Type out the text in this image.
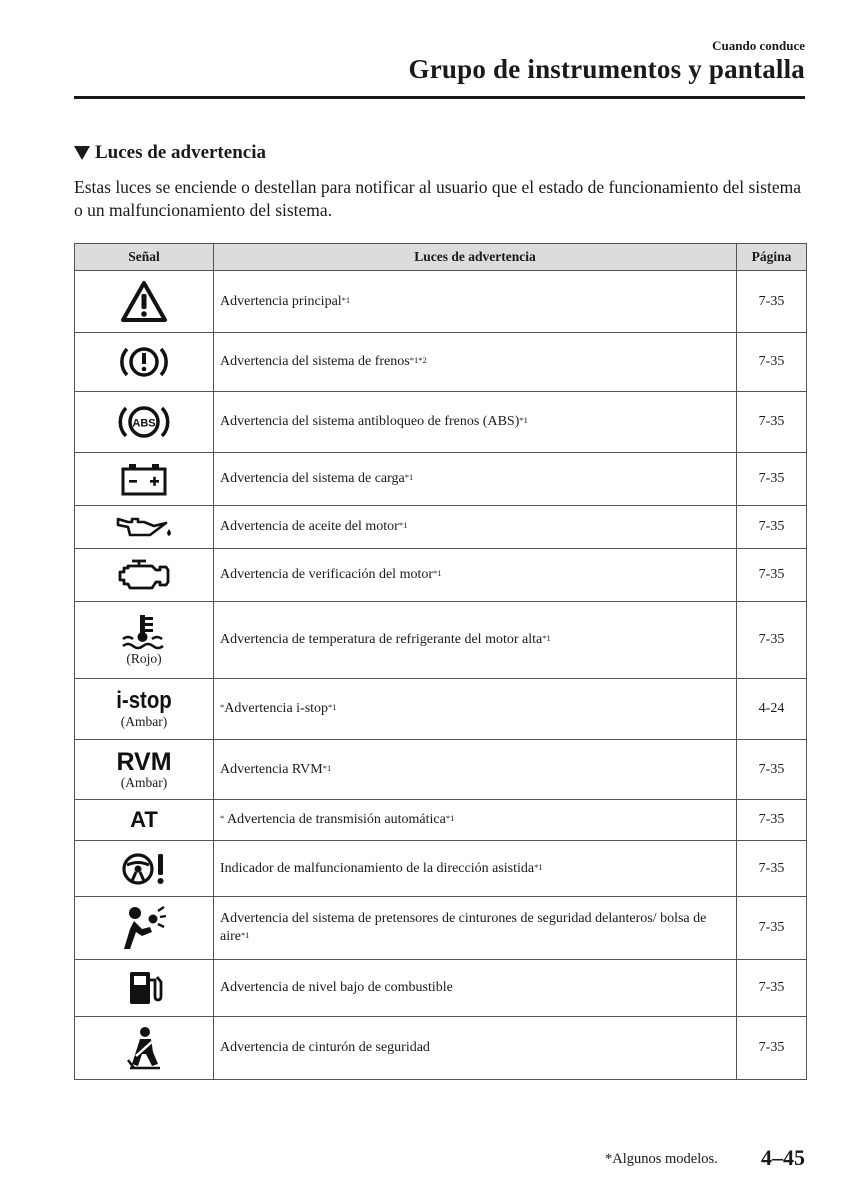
Cuando conduce
Grupo de instrumentos y pantalla
Luces de advertencia
Estas luces se enciende o destellan para notificar al usuario que el estado de funcionamiento del sistema o un malfuncionamiento del sistema.
Señal	Luces de advertencia	Página

	Advertencia principal$^{*1}$	7-35

	Advertencia del sistema de frenos$^{*1*2}$	7-35

ABS	Advertencia del sistema antibloqueo de frenos (ABS)$^{*1}$	7-35

	Advertencia del sistema de carga$^{*1}$	7-35

	Advertencia de aceite del motor$^{*1}$	7-35

	Advertencia de verificación del motor$^{*1}$	7-35

(Rojo)	Advertencia de temperatura de refrigerante del motor alta$^{*1}$	7-35

i-stop
(Ambar)	*Advertencia i-stop$^{*1}$	4-24

RVM
(Ambar)	Advertencia RVM$^{*1}$	7-35

AT	* Advertencia de transmisión automática$^{*1}$	7-35

	Indicador de malfuncionamiento de la dirección asistida$^{*1}$	7-35

	Advertencia del sistema de pretensores de cinturones de seguridad delanteros/ bolsa de aire$^{*1}$	7-35

	Advertencia de nivel bajo de combustible	7-35

	Advertencia de cinturón de seguridad	7-35
*Algunos modelos. 4–45
